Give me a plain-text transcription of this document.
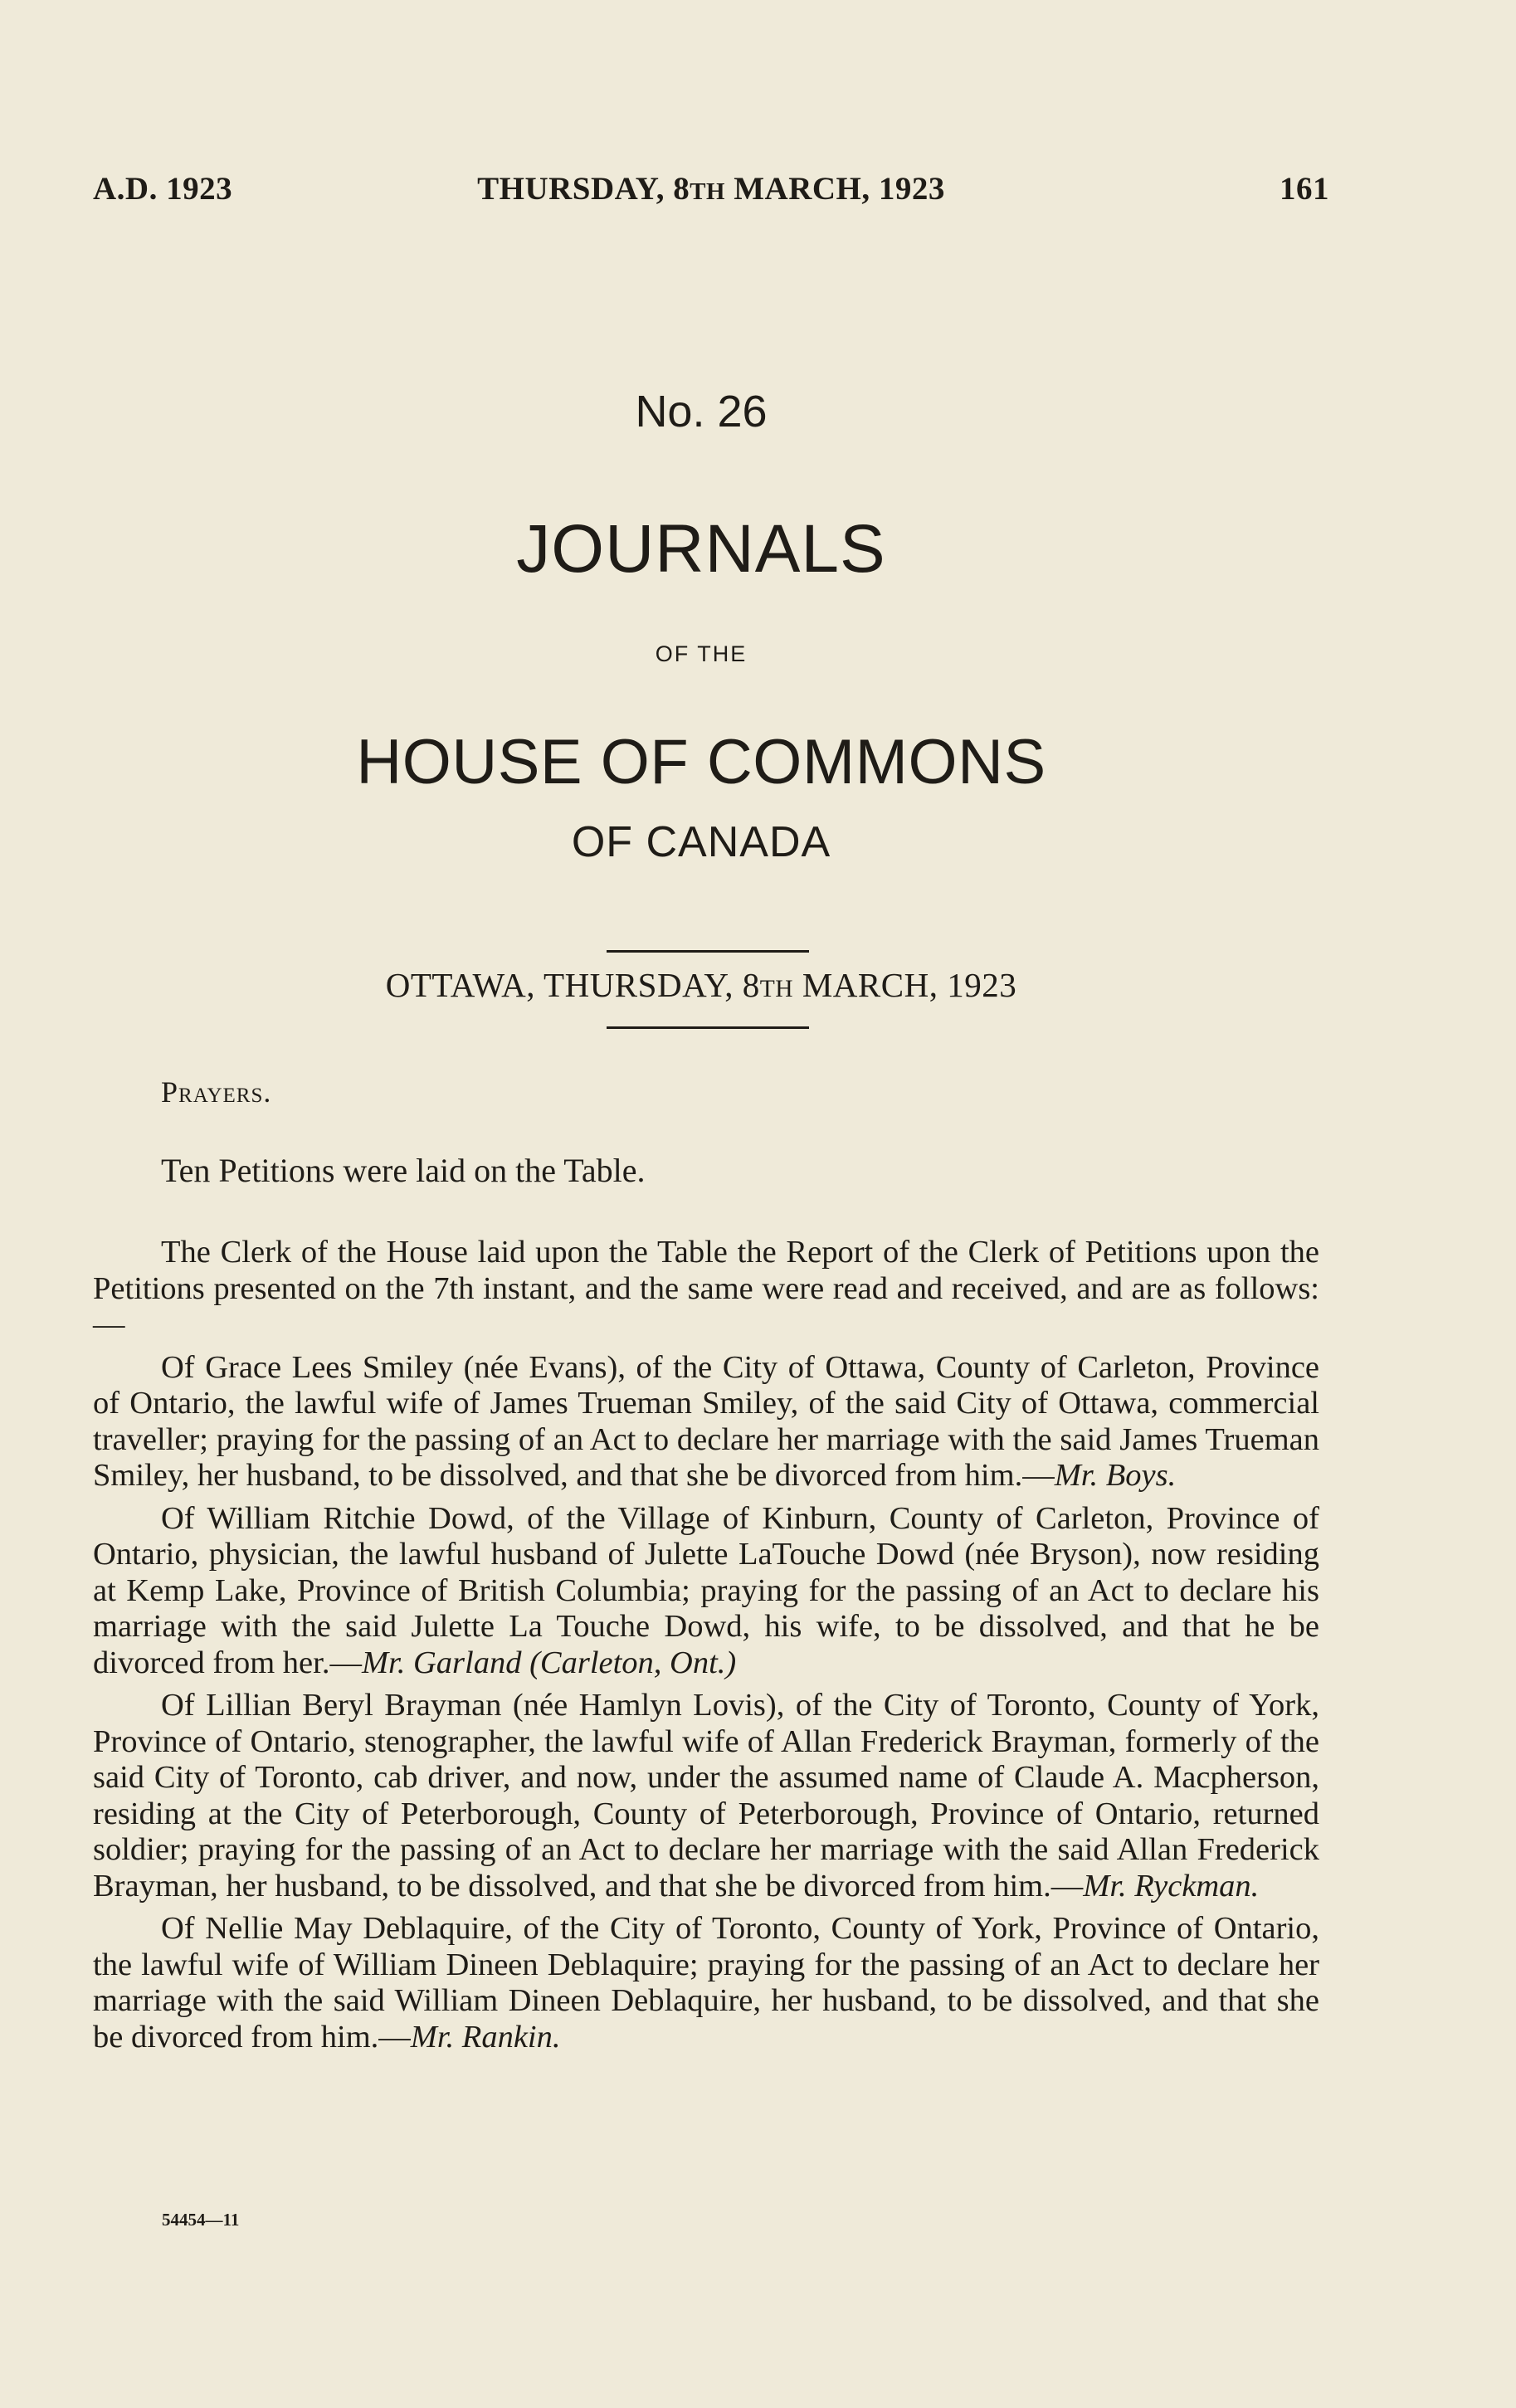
A.D. 1923	THURSDAY, 8TH MARCH, 1923	161
No. 26
JOURNALS
OF THE
HOUSE OF COMMONS
OF CANADA
OTTAWA, THURSDAY, 8TH MARCH, 1923
Prayers.
Ten Petitions were laid on the Table.

The Clerk of the House laid upon the Table the Report of the Clerk of Petitions upon the Petitions presented on the 7th instant, and the same were read and received, and are as follows:—

Of Grace Lees Smiley (née Evans), of the City of Ottawa, County of Carleton, Province of Ontario, the lawful wife of James Trueman Smiley, of the said City of Ottawa, commercial traveller; praying for the passing of an Act to declare her marriage with the said James Trueman Smiley, her husband, to be dissolved, and that she be divorced from him.—Mr. Boys.

Of William Ritchie Dowd, of the Village of Kinburn, County of Carleton, Province of Ontario, physician, the lawful husband of Julette LaTouche Dowd (née Bryson), now residing at Kemp Lake, Province of British Columbia; praying for the passing of an Act to declare his marriage with the said Julette La Touche Dowd, his wife, to be dissolved, and that he be divorced from her.—Mr. Garland (Carleton, Ont.)

Of Lillian Beryl Brayman (née Hamlyn Lovis), of the City of Toronto, County of York, Province of Ontario, stenographer, the lawful wife of Allan Frederick Brayman, formerly of the said City of Toronto, cab driver, and now, under the assumed name of Claude A. Macpherson, residing at the City of Peterborough, County of Peterborough, Province of Ontario, returned soldier; praying for the passing of an Act to declare her marriage with the said Allan Frederick Brayman, her husband, to be dissolved, and that she be divorced from him.—Mr. Ryckman.

Of Nellie May Deblaquire, of the City of Toronto, County of York, Province of Ontario, the lawful wife of William Dineen Deblaquire; praying for the passing of an Act to declare her marriage with the said William Dineen Deblaquire, her husband, to be dissolved, and that she be divorced from him.—Mr. Rankin.

54454—11
